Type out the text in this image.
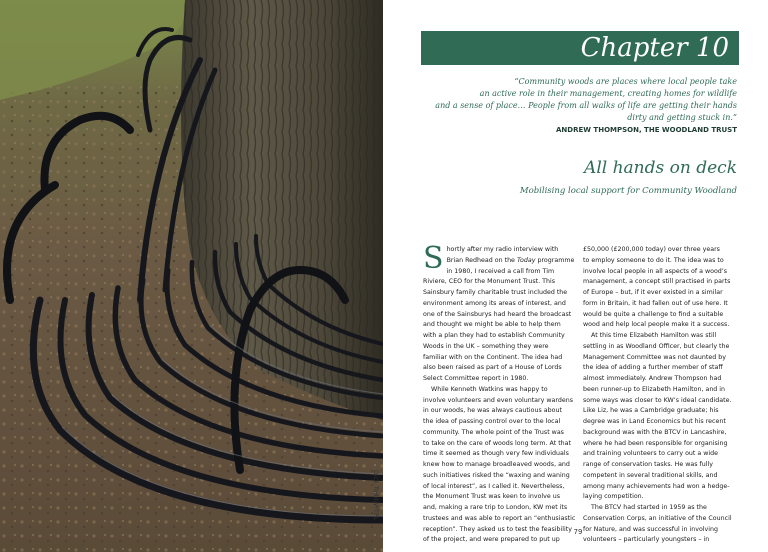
Dick Todd/WTPL
Chapter 10
“Community woods are places where local people take
an active role in their management, creating homes for wildlife
and a sense of place… People from all walks of life are getting their hands
dirty and getting stuck in.”
ANDREW THOMPSON, THE WOODLAND TRUST
All hands on deck
Mobilising local support for Community Woodland

S hortly after my radio interview with
Brian Redhead on the Today programme
in 1980, I received a call from Tim
Riviere, CEO for the Monument Trust. This
Sainsbury family charitable trust included the
environment among its areas of interest, and
one of the Sainsburys had heard the broadcast
and thought we might be able to help them
with a plan they had to establish Community
Woods in the UK – something they were
familiar with on the Continent. The idea had
also been raised as part of a House of Lords
Select Committee report in 1980.

While Kenneth Watkins was happy to
involve volunteers and even voluntary wardens
in our woods, he was always cautious about
the idea of passing control over to the local
community. The whole point of the Trust was
to take on the care of woods long term. At that
time it seemed as though very few individuals
knew how to manage broadleaved woods, and
such initiatives risked the “waxing and waning
of local interest”, as I called it. Nevertheless,
the Monument Trust was keen to involve us
and, making a rare trip to London, KW met its
trustees and was able to report an “enthusiastic
reception”. They asked us to test the feasibility
of the project, and were prepared to put up

£50,000 (£200,000 today) over three years
to employ someone to do it. The idea was to
involve local people in all aspects of a wood’s
management, a concept still practised in parts
of Europe – but, if it ever existed in a similar
form in Britain, it had fallen out of use here. It
would be quite a challenge to find a suitable
wood and help local people make it a success.

At this time Elizabeth Hamilton was still
settling in as Woodland Officer, but clearly the
Management Committee was not daunted by
the idea of adding a further member of staff
almost immediately. Andrew Thompson had
been runner-up to Elizabeth Hamilton, and in
some ways was closer to KW’s ideal candidate.
Like Liz, he was a Cambridge graduate; his
degree was in Land Economics but his recent
background was with the BTCV in Lancashire,
where he had been responsible for organising
and training volunteers to carry out a wide
range of conservation tasks. He was fully
competent in several traditional skills, and
among many achievements had won a hedge-
laying competition.

The BTCV had started in 1959 as the
Conservation Corps, an initiative of the Council
for Nature, and was successful in involving
volunteers – particularly youngsters – in

79
